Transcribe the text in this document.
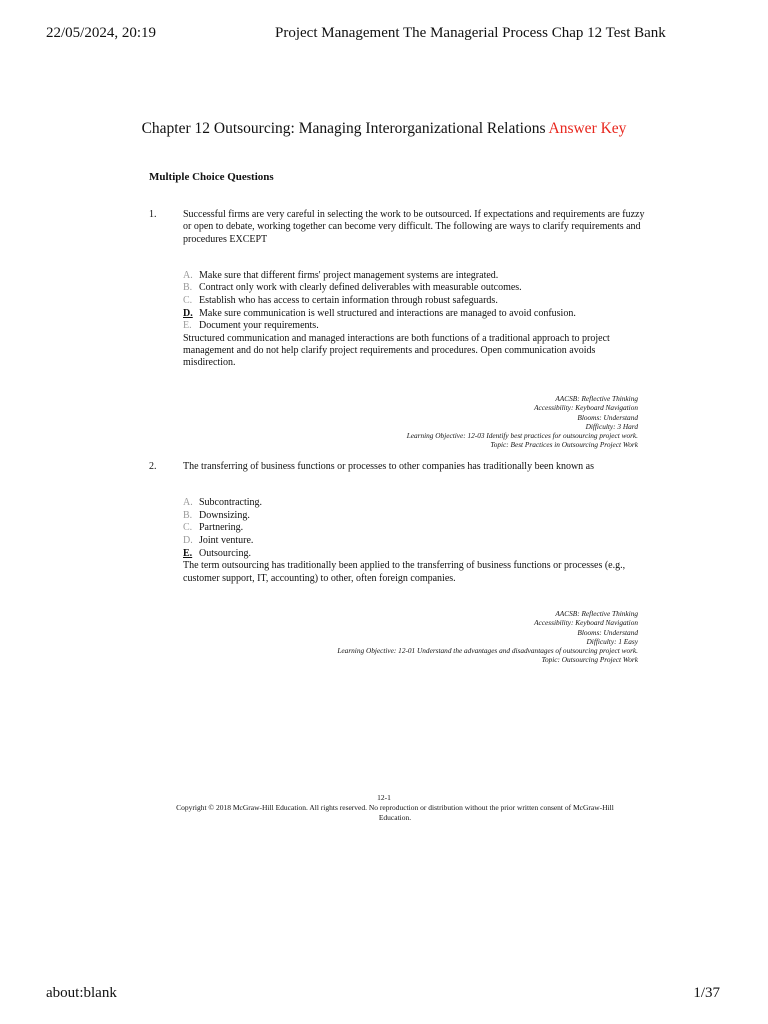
22/05/2024, 20:19	Project Management The Managerial Process Chap 12 Test Bank
Chapter 12 Outsourcing: Managing Interorganizational Relations Answer Key
Multiple Choice Questions
1.	Successful firms are very careful in selecting the work to be outsourced. If expectations and requirements are fuzzy or open to debate, working together can become very difficult. The following are ways to clarify requirements and procedures EXCEPT
A. Make sure that different firms' project management systems are integrated.
B. Contract only work with clearly defined deliverables with measurable outcomes.
C. Establish who has access to certain information through robust safeguards.
D. Make sure communication is well structured and interactions are managed to avoid confusion.
E. Document your requirements.
Structured communication and managed interactions are both functions of a traditional approach to project management and do not help clarify project requirements and procedures. Open communication avoids misdirection.
AACSB: Reflective Thinking
Accessibility: Keyboard Navigation
Blooms: Understand
Difficulty: 3 Hard
Learning Objective: 12-03 Identify best practices for outsourcing project work.
Topic: Best Practices in Outsourcing Project Work
2.	The transferring of business functions or processes to other companies has traditionally been known as
A. Subcontracting.
B. Downsizing.
C. Partnering.
D. Joint venture.
E. Outsourcing.
The term outsourcing has traditionally been applied to the transferring of business functions or processes (e.g., customer support, IT, accounting) to other, often foreign companies.
AACSB: Reflective Thinking
Accessibility: Keyboard Navigation
Blooms: Understand
Difficulty: 1 Easy
Learning Objective: 12-01 Understand the advantages and disadvantages of outsourcing project work.
Topic: Outsourcing Project Work
12-1
Copyright © 2018 McGraw-Hill Education. All rights reserved. No reproduction or distribution without the prior written consent of McGraw-Hill Education.
about:blank	1/37
